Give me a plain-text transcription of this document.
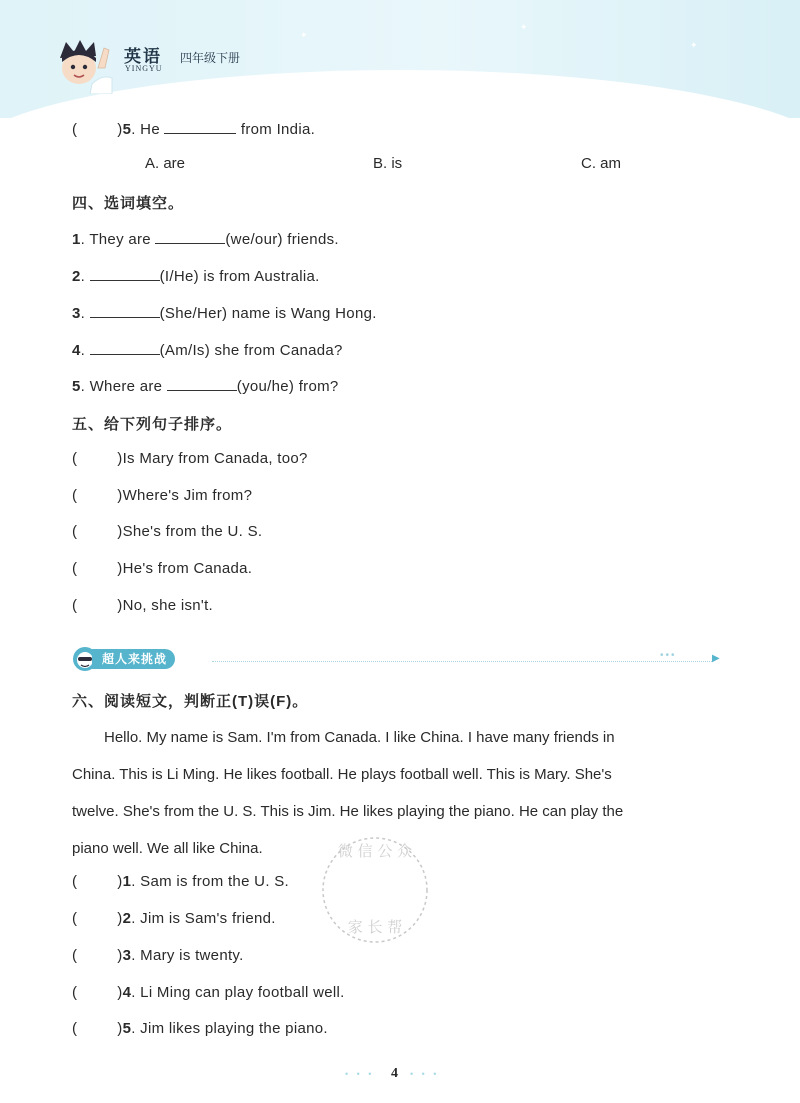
✦
✦
✦
英语
YINGYU
四年级下册
(	)5. He	from India.
A. are	B. is	C. am
四、选词填空。
1. They are	(we/our) friends.
2.	(I/He) is from Australia.
3.	(She/Her) name is Wang Hong.
4.	(Am/Is) she from Canada?
5. Where are	(you/he) from?
五、给下列句子排序。
(	)Is Mary from Canada, too?
(	)Where's Jim from?
(	)She's from the U. S.
(	)He's from Canada.
(	)No, she isn't.
超人来挑战	•••	▶
六、阅读短文，判断正(T)误(F)。
Hello. My name is Sam. I'm from Canada. I like China. I have many friends in
China. This is Li Ming. He likes football. He plays football well. This is Mary. She's
twelve. She's from the U. S. This is Jim. He likes playing the piano. He can play the
piano well. We all like China.	微 信 公 众
家 长 帮
(	)1. Sam is from the U. S.
(	)2. Jim is Sam's friend.
(	)3. Mary is twenty.
(	)4. Li Ming can play football well.
(	)5. Jim likes playing the piano.
• • • 4 • • •
